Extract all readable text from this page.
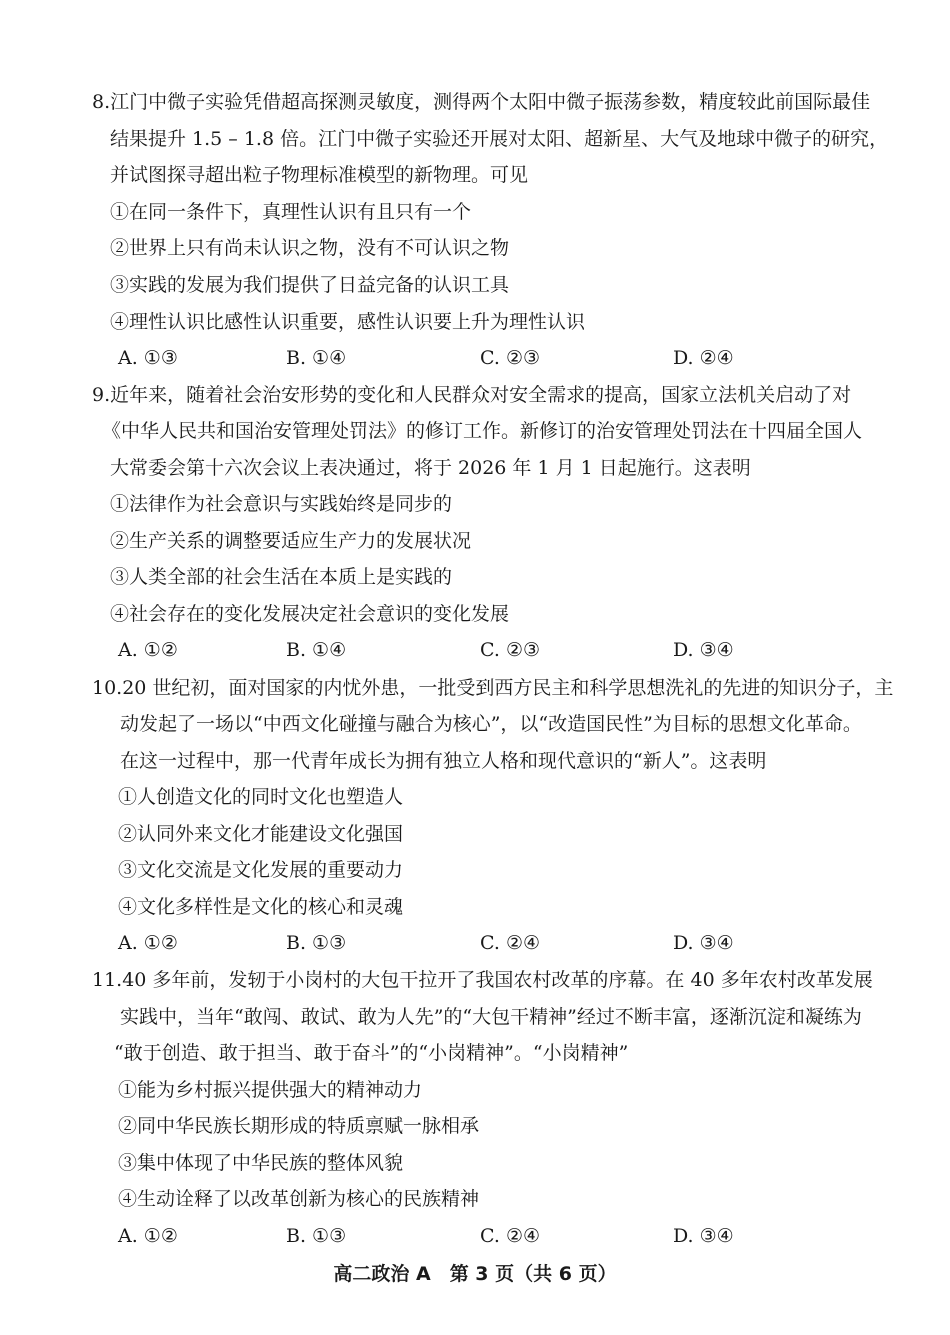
8.江门中微子实验凭借超高探测灵敏度，测得两个太阳中微子振荡参数，精度较此前国际最佳
结果提升 1.5 – 1.8 倍。江门中微子实验还开展对太阳、超新星、大气及地球中微子的研究，
并试图探寻超出粒子物理标准模型的新物理。可见
①在同一条件下，真理性认识有且只有一个
②世界上只有尚未认识之物，没有不可认识之物
③实践的发展为我们提供了日益完备的认识工具
④理性认识比感性认识重要，感性认识要上升为理性认识
A. ①③	B. ①④	C. ②③	D. ②④
9.近年来，随着社会治安形势的变化和人民群众对安全需求的提高，国家立法机关启动了对
《中华人民共和国治安管理处罚法》的修订工作。新修订的治安管理处罚法在十四届全国人
大常委会第十六次会议上表决通过，将于 2026 年 1 月 1 日起施行。这表明
①法律作为社会意识与实践始终是同步的
②生产关系的调整要适应生产力的发展状况
③人类全部的社会生活在本质上是实践的
④社会存在的变化发展决定社会意识的变化发展
A. ①②	B. ①④	C. ②③	D. ③④
10.20 世纪初，面对国家的内忧外患，一批受到西方民主和科学思想洗礼的先进的知识分子，主
动发起了一场以“中西文化碰撞与融合为核心”，以“改造国民性”为目标的思想文化革命。
在这一过程中，那一代青年成长为拥有独立人格和现代意识的“新人”。这表明
①人创造文化的同时文化也塑造人
②认同外来文化才能建设文化强国
③文化交流是文化发展的重要动力
④文化多样性是文化的核心和灵魂
A. ①②	B. ①③	C. ②④	D. ③④
11.40 多年前，发轫于小岗村的大包干拉开了我国农村改革的序幕。在 40 多年农村改革发展
实践中，当年“敢闯、敢试、敢为人先”的“大包干精神”经过不断丰富，逐渐沉淀和凝练为
“敢于创造、敢于担当、敢于奋斗”的“小岗精神”。“小岗精神”
①能为乡村振兴提供强大的精神动力
②同中华民族长期形成的特质禀赋一脉相承
③集中体现了中华民族的整体风貌
④生动诠释了以改革创新为核心的民族精神
A. ①②	B. ①③	C. ②④	D. ③④
高二政治 A　第 3 页（共 6 页）
